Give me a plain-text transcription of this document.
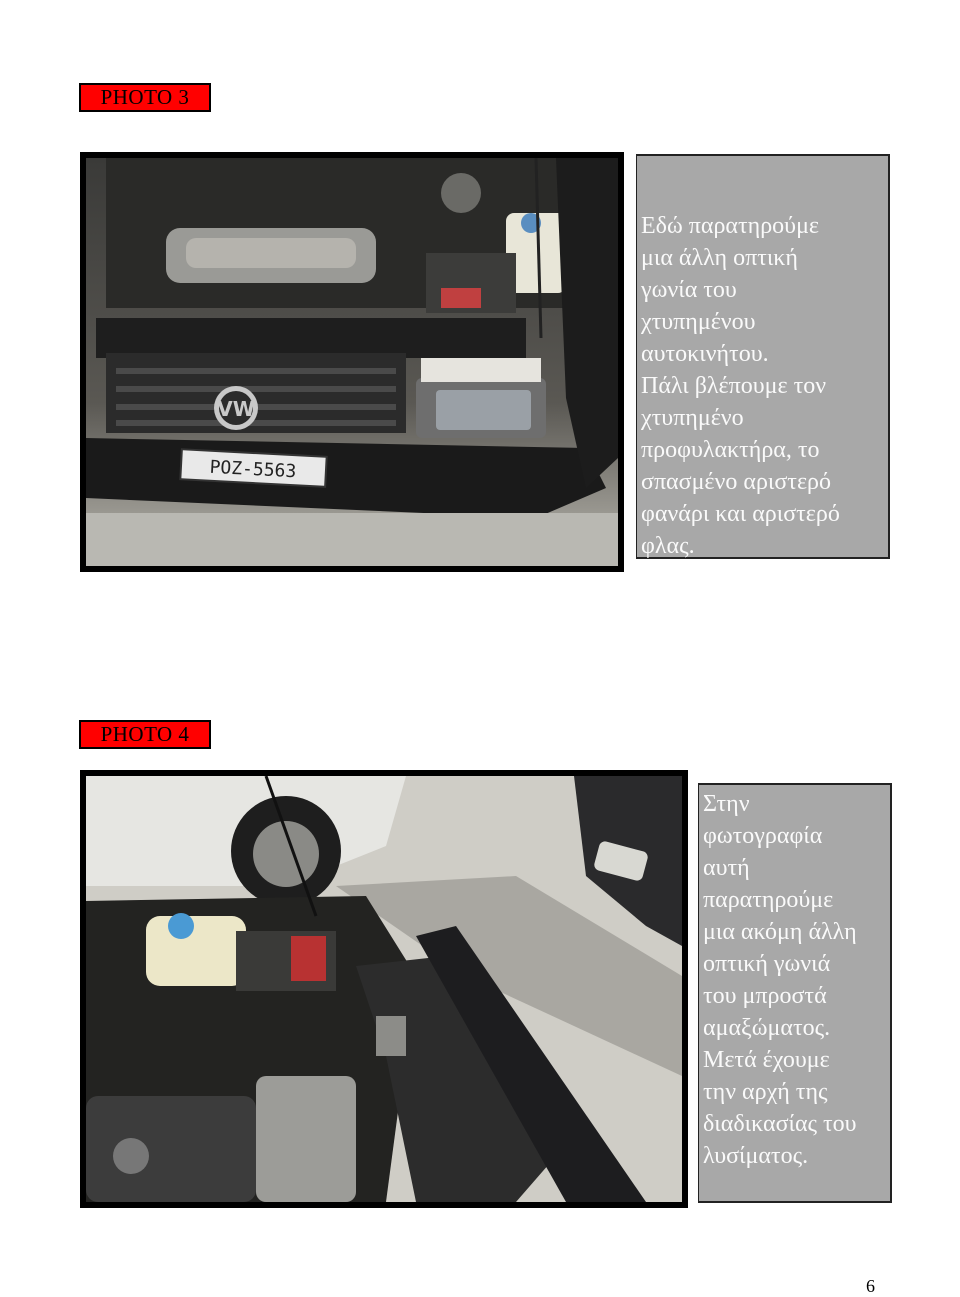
PHOTO 3
VW
PΟΖ-5563
Εδώ παρατηρούμε
μια άλλη οπτική
γωνία του
χτυπημένου
αυτοκινήτου.
Πάλι βλέπουμε τον
χτυπημένο
προφυλακτήρα, το
σπασμένο αριστερό
φανάρι και αριστερό
φλας.
PHOTO 4
Στην
φωτογραφία
αυτή
παρατηρούμε
μια ακόμη άλλη
οπτική γωνιά
του μπροστά
αμαξώματος.
Μετά έχουμε
την αρχή της
διαδικασίας του
λυσίματος.
6
